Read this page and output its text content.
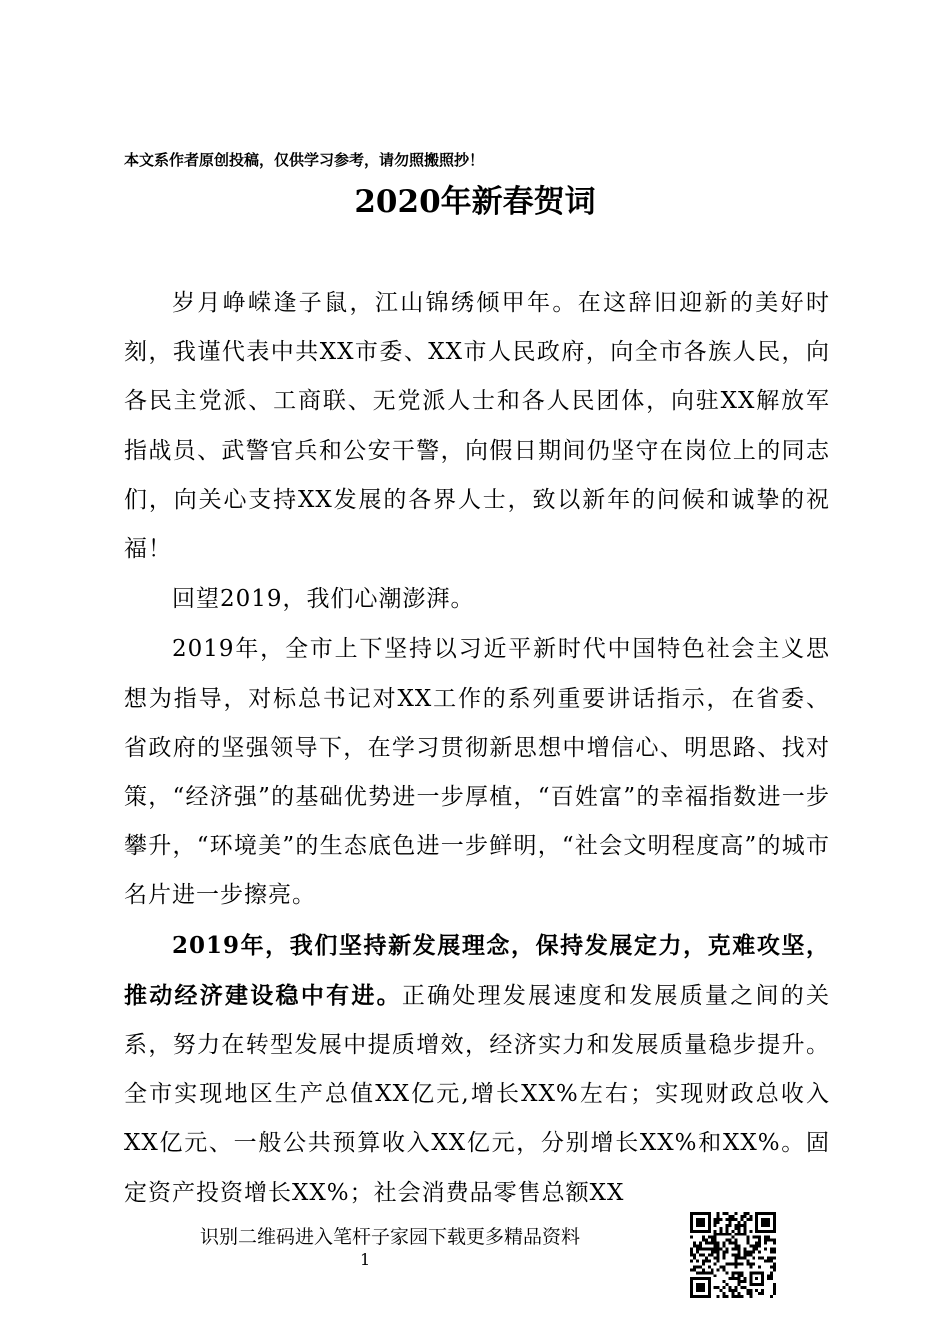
本文系作者原创投稿，仅供学习参考，请勿照搬照抄！
2020年新春贺词

岁月峥嵘逢子鼠，江山锦绣倾甲年。在这辞旧迎新的美好时刻，我谨代表中共XX市委、XX市人民政府，向全市各族人民，向各民主党派、工商联、无党派人士和各人民团体，向驻XX解放军指战员、武警官兵和公安干警，向假日期间仍坚守在岗位上的同志们，向关心支持XX发展的各界人士，致以新年的问候和诚挚的祝福！

回望2019，我们心潮澎湃。

2019年，全市上下坚持以习近平新时代中国特色社会主义思想为指导，对标总书记对XX工作的系列重要讲话指示，在省委、省政府的坚强领导下，在学习贯彻新思想中增信心、明思路、找对策，“经济强”的基础优势进一步厚植，“百姓富”的幸福指数进一步攀升，“环境美”的生态底色进一步鲜明，“社会文明程度高”的城市名片进一步擦亮。

2019年，我们坚持新发展理念，保持发展定力，克难攻坚，推动经济建设稳中有进。正确处理发展速度和发展质量之间的关系，努力在转型发展中提质增效，经济实力和发展质量稳步提升。全市实现地区生产总值XX亿元,增长XX%左右；实现财政总收入XX亿元、一般公共预算收入XX亿元，分别增长XX%和XX%。固定资产投资增长XX%；社会消费品零售总额XX

识别二维码进入笔杆子家园下载更多精品资料
1
